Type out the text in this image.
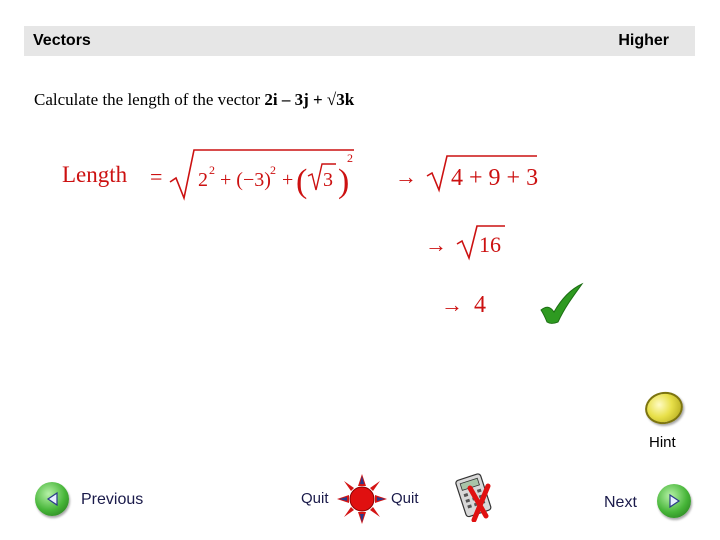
Vectors	Higher
Calculate the length of the vector 2i – 3j + √3k
Length = 2 2 + (−3) 2 + ( 3 )
2
→ 4 + 9 + 3
→ 16
→ 4
Hint
Previous	Quit	Quit	Next
